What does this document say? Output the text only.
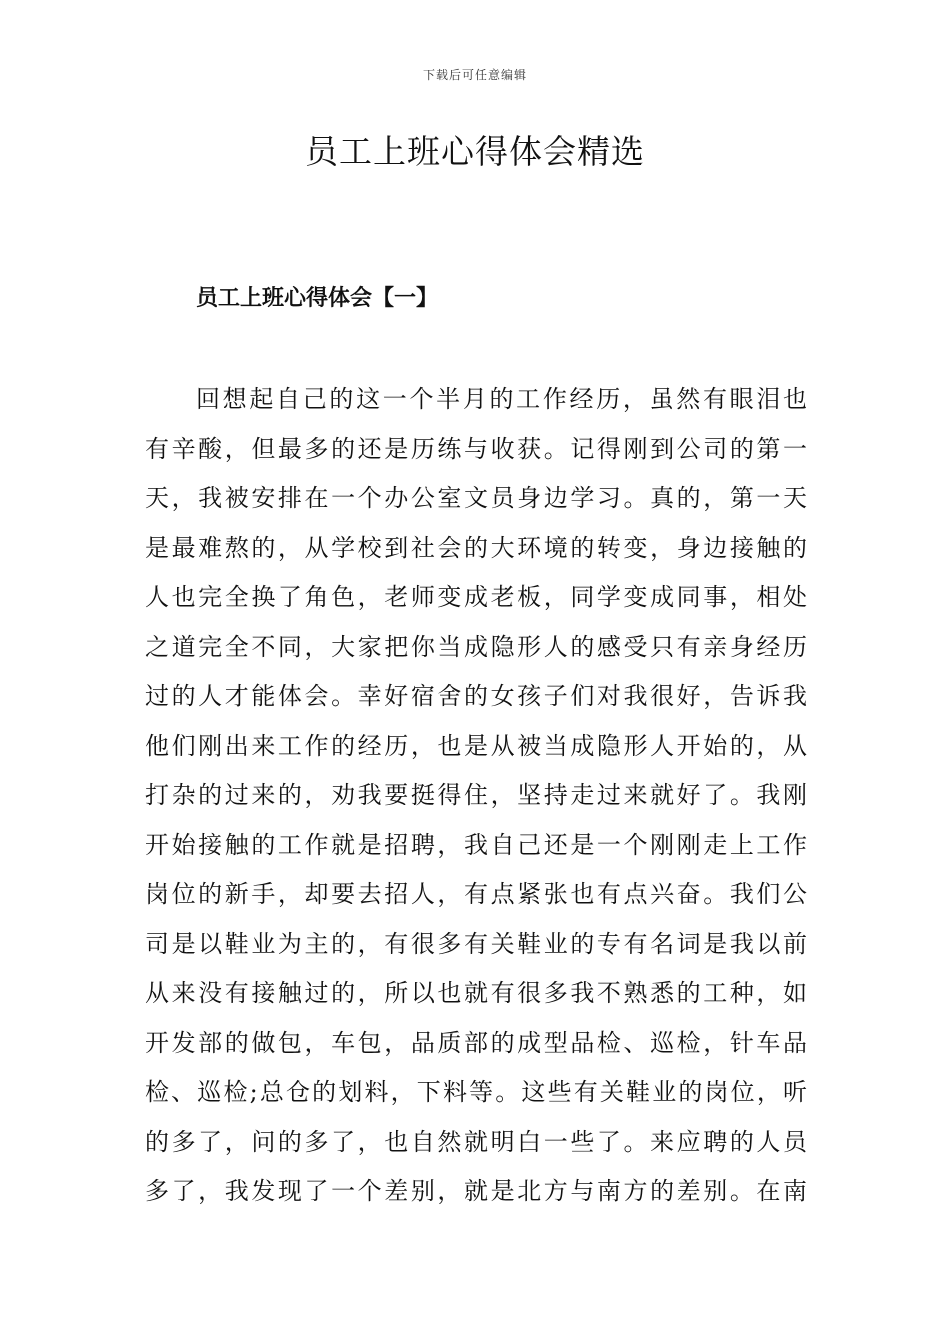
下载后可任意编辑
员工上班心得体会精选
员工上班心得体会【一】
回想起自己的这一个半月的工作经历，虽然有眼泪也
有辛酸，但最多的还是历练与收获。记得刚到公司的第一
天，我被安排在一个办公室文员身边学习。真的，第一天
是最难熬的，从学校到社会的大环境的转变，身边接触的
人也完全换了角色，老师变成老板，同学变成同事，相处
之道完全不同，大家把你当成隐形人的感受只有亲身经历
过的人才能体会。幸好宿舍的女孩子们对我很好，告诉我
他们刚出来工作的经历，也是从被当成隐形人开始的，从
打杂的过来的，劝我要挺得住，坚持走过来就好了。我刚
开始接触的工作就是招聘，我自己还是一个刚刚走上工作
岗位的新手，却要去招人，有点紧张也有点兴奋。我们公
司是以鞋业为主的，有很多有关鞋业的专有名词是我以前
从来没有接触过的，所以也就有很多我不熟悉的工种，如
开发部的做包，车包，品质部的成型品检、巡检，针车品
检、巡检;总仓的划料，下料等。这些有关鞋业的岗位，听
的多了，问的多了，也自然就明白一些了。来应聘的人员
多了，我发现了一个差别，就是北方与南方的差别。在南
